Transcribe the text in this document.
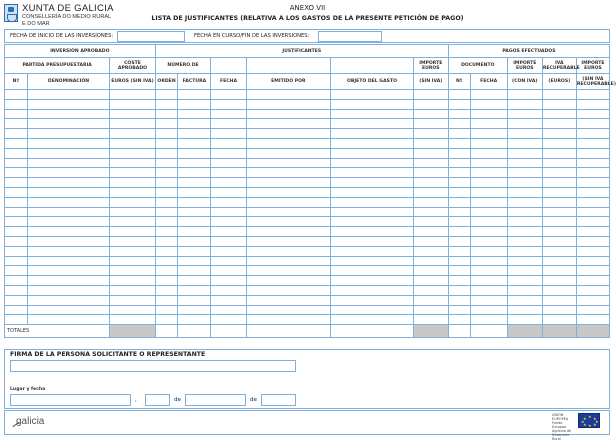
XUNTA DE GALICIA
CONSELLERÍA DO MEDIO RURAL
E DO MAR
ANEXO VII
LISTA DE JUSTIFICANTES (RELATIVA A LOS GASTOS DE LA PRESENTE PETICIÓN DE PAGO)
FECHA DE INICIO DE LAS INVERSIONES:	FECHA EN CURSO/FIN DE LAS INVERSIONES:
INVERSIÓN APROBADO			JUSTIFICANTES						PAGOS EFECTUADOS				
PARTIDA PRESUPUESTARIA		COSTE APROBADO	NÚMERO DE					IMPORTE EUROS	DOCUMENTO		IMPORTE EUROS	IVA RECUPERABLE	IMPORTE EUROS
Nº	DENOMINACIÓN	EUROS (SIN IVA)	ORDEN	FACTURA	FECHA	EMITIDO POR	OBJETO DEL GASTO	(SIN IVA)	Nº	FECHA	(CON IVA)	(EUROS)	(SIN IVA RECUPERABLE)

TOTALES													
FIRMA DE LA PERSONA SOLICITANTE O REPRESENTANTE
Lugar y fecha
,	de	de
galicia
UNIÓN EUROPEA Fondo Europeo Agrícola de Desarrollo Rural
★
★ ★
★	★
★ ★
★
